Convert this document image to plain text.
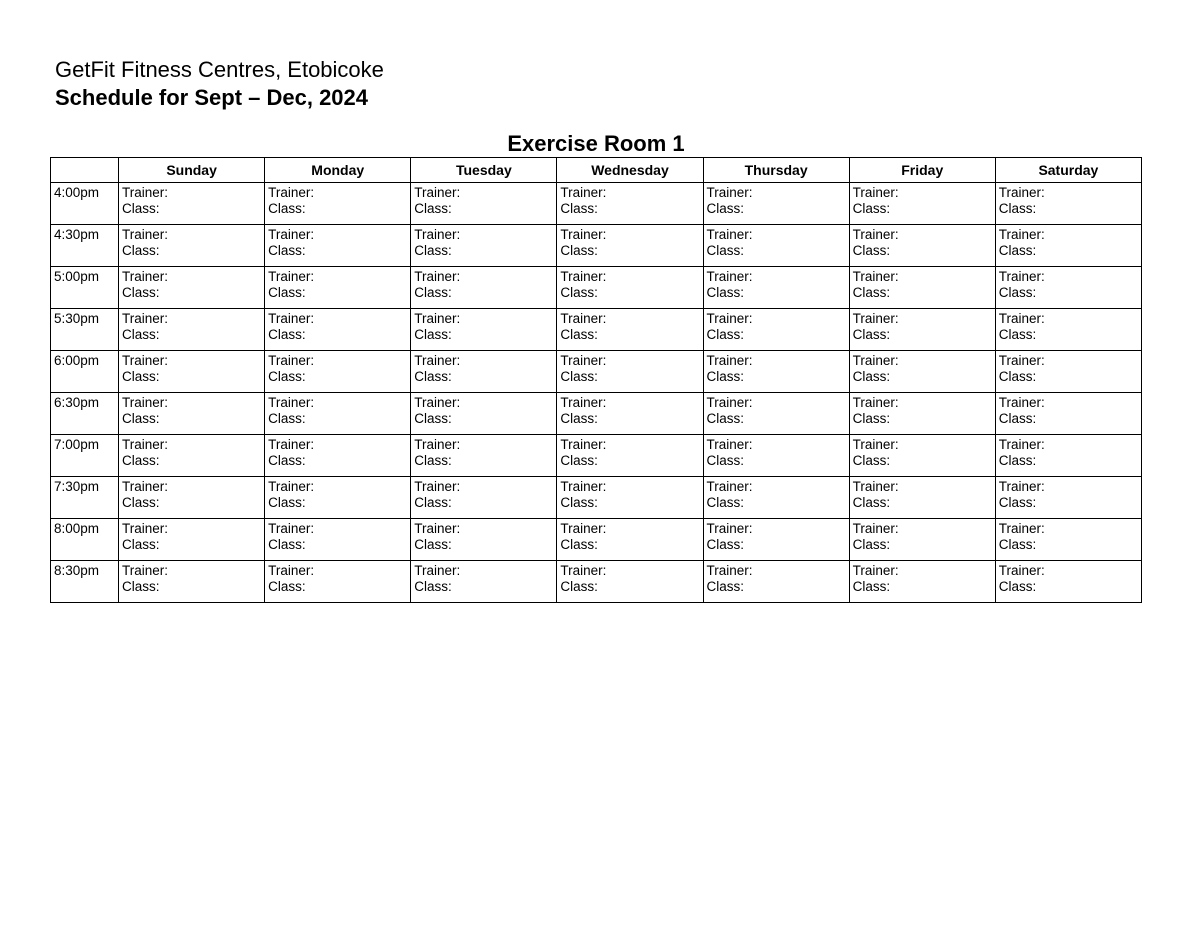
GetFit Fitness Centres, Etobicoke

Schedule for Sept – Dec, 2024

Exercise Room 1

	Sunday	Monday	Tuesday	Wednesday	Thursday	Friday	Saturday
4:00pm	Trainer:
Class:	Trainer:
Class:	Trainer:
Class:	Trainer:
Class:	Trainer:
Class:	Trainer:
Class:	Trainer:
Class:

4:30pm	Trainer:
Class:	Trainer:
Class:	Trainer:
Class:	Trainer:
Class:	Trainer:
Class:	Trainer:
Class:	Trainer:
Class:

5:00pm	Trainer:
Class:	Trainer:
Class:	Trainer:
Class:	Trainer:
Class:	Trainer:
Class:	Trainer:
Class:	Trainer:
Class:

5:30pm	Trainer:
Class:	Trainer:
Class:	Trainer:
Class:	Trainer:
Class:	Trainer:
Class:	Trainer:
Class:	Trainer:
Class:

6:00pm	Trainer:
Class:	Trainer:
Class:	Trainer:
Class:	Trainer:
Class:	Trainer:
Class:	Trainer:
Class:	Trainer:
Class:

6:30pm	Trainer:
Class:	Trainer:
Class:	Trainer:
Class:	Trainer:
Class:	Trainer:
Class:	Trainer:
Class:	Trainer:
Class:

7:00pm	Trainer:
Class:	Trainer:
Class:	Trainer:
Class:	Trainer:
Class:	Trainer:
Class:	Trainer:
Class:	Trainer:
Class:

7:30pm	Trainer:
Class:	Trainer:
Class:	Trainer:
Class:	Trainer:
Class:	Trainer:
Class:	Trainer:
Class:	Trainer:
Class:

8:00pm	Trainer:
Class:	Trainer:
Class:	Trainer:
Class:	Trainer:
Class:	Trainer:
Class:	Trainer:
Class:	Trainer:
Class:

8:30pm	Trainer:
Class:	Trainer:
Class:	Trainer:
Class:	Trainer:
Class:	Trainer:
Class:	Trainer:
Class:	Trainer:
Class:
